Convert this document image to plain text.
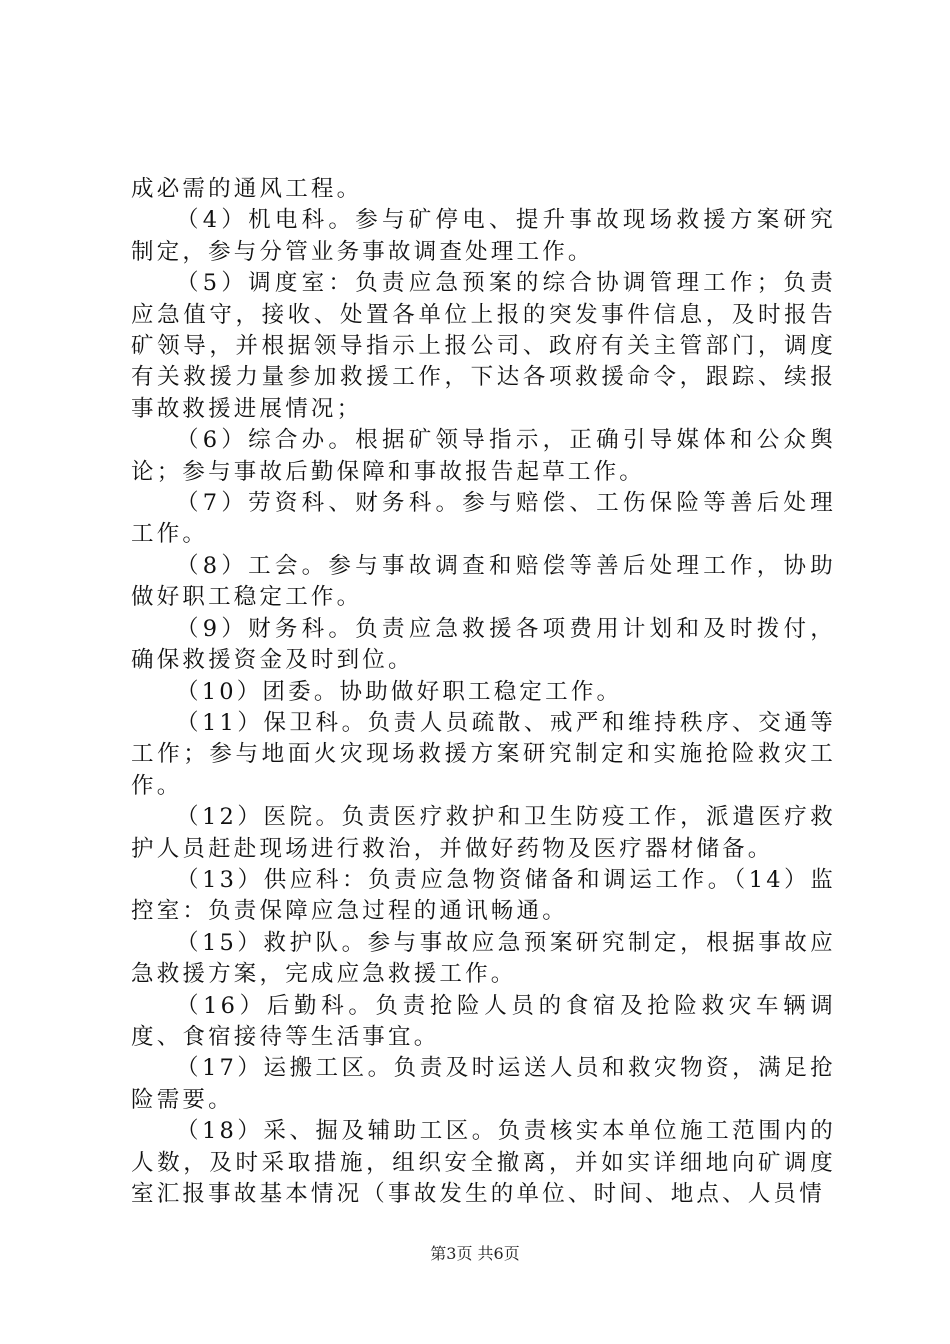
成必需的通风工程。

（4）机电科。参与矿停电、提升事故现场救援方案研究制定，参与分管业务事故调查处理工作。

（5）调度室：负责应急预案的综合协调管理工作；负责应急值守，接收、处置各单位上报的突发事件信息，及时报告矿领导，并根据领导指示上报公司、政府有关主管部门，调度有关救援力量参加救援工作，下达各项救援命令，跟踪、续报事故救援进展情况；

（6）综合办。根据矿领导指示，正确引导媒体和公众舆论；参与事故后勤保障和事故报告起草工作。

（7）劳资科、财务科。参与赔偿、工伤保险等善后处理工作。

（8）工会。参与事故调查和赔偿等善后处理工作，协助做好职工稳定工作。

（9）财务科。负责应急救援各项费用计划和及时拨付，确保救援资金及时到位。

（10）团委。协助做好职工稳定工作。

（11）保卫科。负责人员疏散、戒严和维持秩序、交通等工作；参与地面火灾现场救援方案研究制定和实施抢险救灾工作。

（12）医院。负责医疗救护和卫生防疫工作，派遣医疗救护人员赶赴现场进行救治，并做好药物及医疗器材储备。

（13）供应科：负责应急物资储备和调运工作。（14）监控室：负责保障应急过程的通讯畅通。

（15）救护队。参与事故应急预案研究制定，根据事故应急救援方案，完成应急救援工作。

（16）后勤科。负责抢险人员的食宿及抢险救灾车辆调度、食宿接待等生活事宜。

（17）运搬工区。负责及时运送人员和救灾物资，满足抢险需要。

（18）采、掘及辅助工区。负责核实本单位施工范围内的人数，及时采取措施，组织安全撤离，并如实详细地向矿调度室汇报事故基本情况（事故发生的单位、时间、地点、人员情

第3页 共6页
